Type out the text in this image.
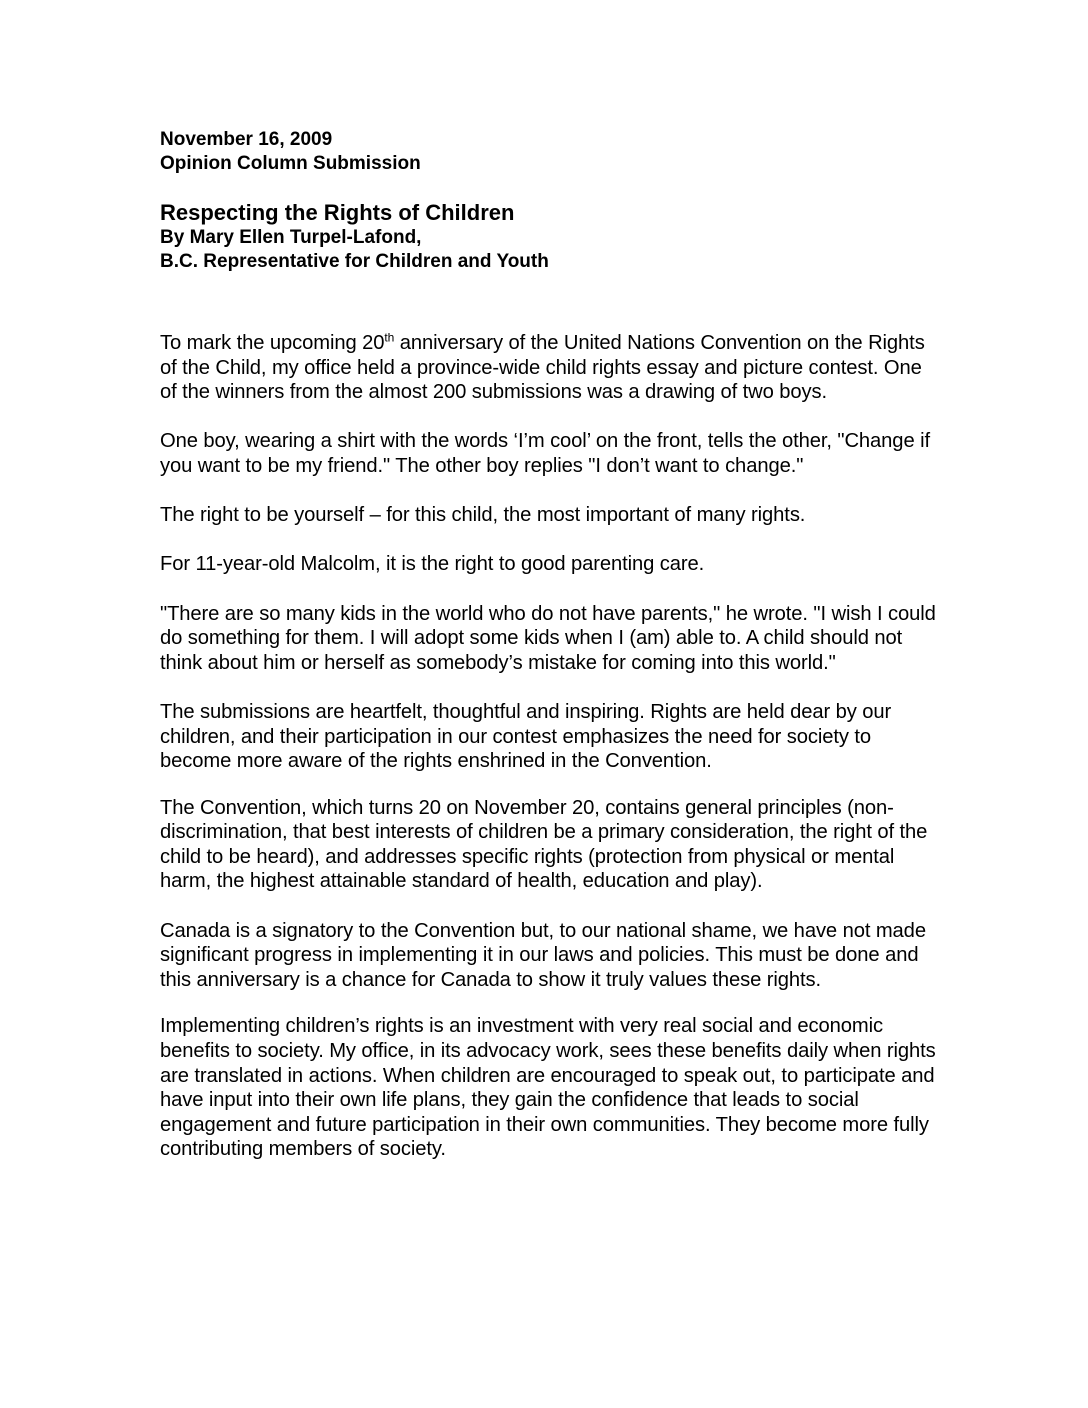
November 16, 2009

Opinion Column Submission

Respecting the Rights of Children

By Mary Ellen Turpel-Lafond,

B.C. Representative for Children and Youth

To mark the upcoming 20th anniversary of the United Nations Convention on the Rights of the Child, my office held a province-wide child rights essay and picture contest. One of the winners from the almost 200 submissions was a drawing of two boys.

One boy, wearing a shirt with the words ‘I’m cool’ on the front, tells the other, "Change if you want to be my friend." The other boy replies "I don’t want to change."

The right to be yourself – for this child, the most important of many rights.

For 11-year-old Malcolm, it is the right to good parenting care.

"There are so many kids in the world who do not have parents," he wrote. "I wish I could do something for them. I will adopt some kids when I (am) able to. A child should not think about him or herself as somebody’s mistake for coming into this world."

The submissions are heartfelt, thoughtful and inspiring. Rights are held dear by our children, and their participation in our contest emphasizes the need for society to become more aware of the rights enshrined in the Convention.

The Convention, which turns 20 on November 20, contains general principles (non-discrimination, that best interests of children be a primary consideration, the right of the child to be heard), and addresses specific rights (protection from physical or mental harm, the highest attainable standard of health, education and play).

Canada is a signatory to the Convention but, to our national shame, we have not made significant progress in implementing it in our laws and policies. This must be done and this anniversary is a chance for Canada to show it truly values these rights.

Implementing children’s rights is an investment with very real social and economic benefits to society. My office, in its advocacy work, sees these benefits daily when rights are translated in actions. When children are encouraged to speak out, to participate and have input into their own life plans, they gain the confidence that leads to social engagement and future participation in their own communities. They become more fully contributing members of society.
